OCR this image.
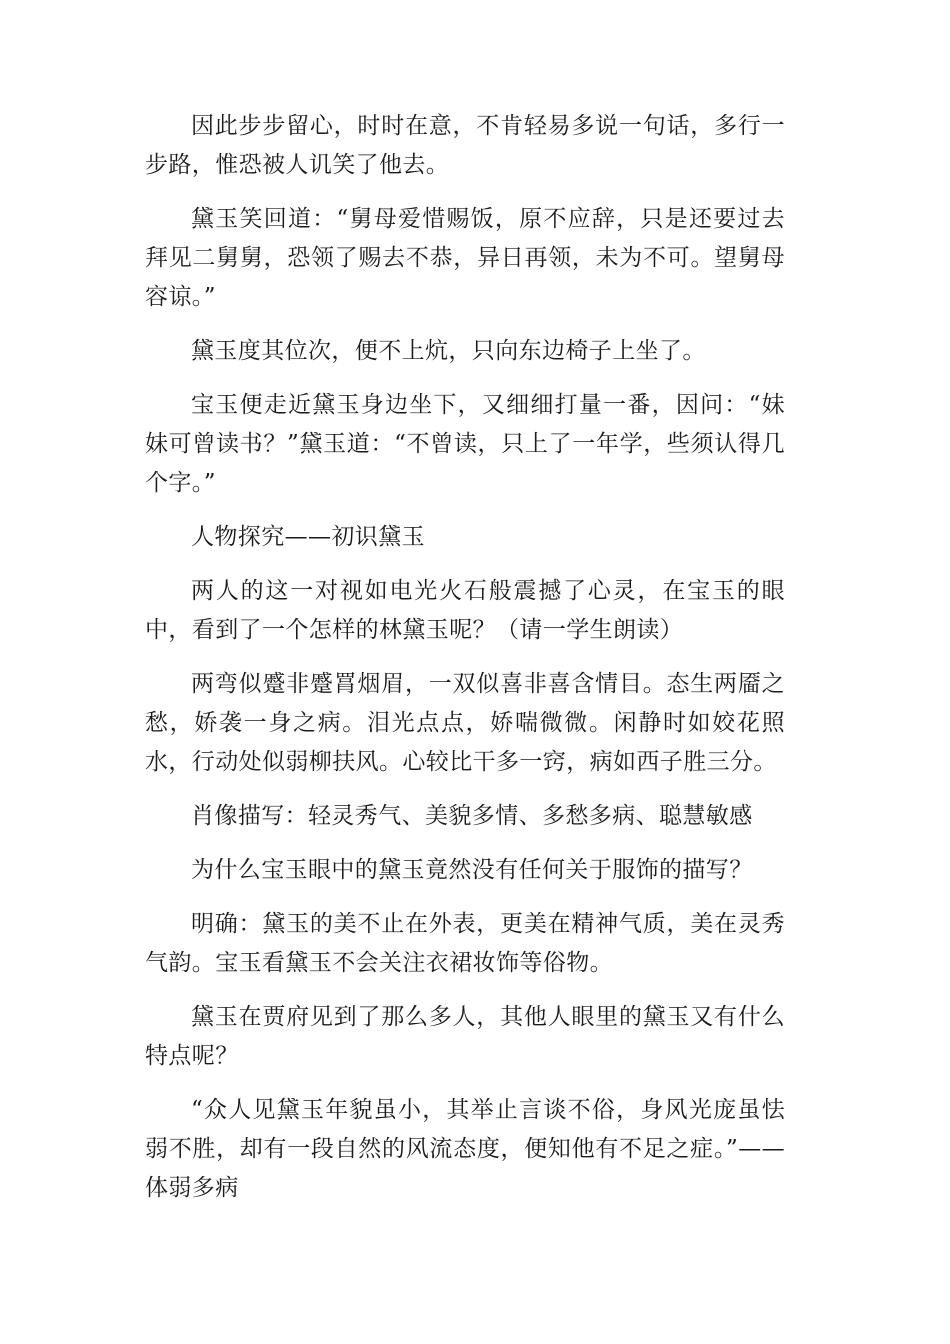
因此步步留心，时时在意，不肯轻易多说一句话，多行一步路，惟恐被人讥笑了他去。

黛玉笑回道：“舅母爱惜赐饭，原不应辞，只是还要过去拜见二舅舅，恐领了赐去不恭，异日再领，未为不可。望舅母容谅。”

黛玉度其位次，便不上炕，只向东边椅子上坐了。

宝玉便走近黛玉身边坐下，又细细打量一番，因问：“妹妹可曾读书？”黛玉道：“不曾读，只上了一年学，些须认得几个字。”

人物探究——初识黛玉

两人的这一对视如电光火石般震撼了心灵，在宝玉的眼中，看到了一个怎样的林黛玉呢？（请一学生朗读）

两弯似蹙非蹙罥烟眉，一双似喜非喜含情目。态生两靥之愁，娇袭一身之病。泪光点点，娇喘微微。闲静时如姣花照水，行动处似弱柳扶风。心较比干多一窍，病如西子胜三分。

肖像描写：轻灵秀气、美貌多情、多愁多病、聪慧敏感

为什么宝玉眼中的黛玉竟然没有任何关于服饰的描写？

明确：黛玉的美不止在外表，更美在精神气质，美在灵秀气韵。宝玉看黛玉不会关注衣裙妆饰等俗物。

黛玉在贾府见到了那么多人，其他人眼里的黛玉又有什么特点呢？

“众人见黛玉年貌虽小，其举止言谈不俗，身风光庞虽怯弱不胜，却有一段自然的风流态度，便知他有不足之症。”——体弱多病
